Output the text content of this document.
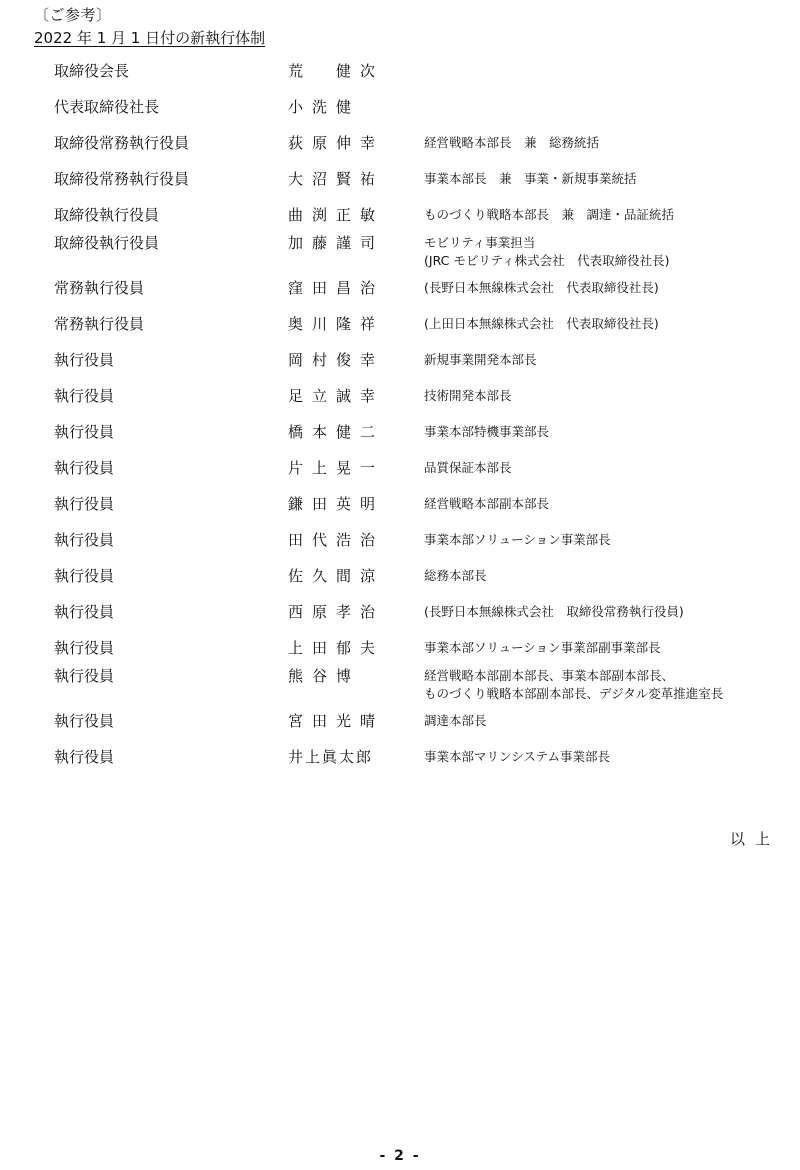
〔ご参考〕
2022 年 1 月 1 日付の新執行体制
取締役会長	荒　健次
代表取締役社長	小洗健
取締役常務執行役員	荻原伸幸	経営戦略本部長　兼　総務統括
取締役常務執行役員	大沼賢祐	事業本部長　兼　事業・新規事業統括
取締役執行役員	曲渕正敏	ものづくり戦略本部長　兼　調達・品証統括
取締役執行役員	加藤謹司	モビリティ事業担当
(JRC モビリティ株式会社　代表取締役社長)
常務執行役員	窪田昌治	(長野日本無線株式会社　代表取締役社長)
常務執行役員	奥川隆祥	(上田日本無線株式会社　代表取締役社長)
執行役員	岡村俊幸	新規事業開発本部長
執行役員	足立誠幸	技術開発本部長
執行役員	橋本健二	事業本部特機事業部長
執行役員	片上晃一	品質保証本部長
執行役員	鎌田英明	経営戦略本部副本部長
執行役員	田代浩治	事業本部ソリューション事業部長
執行役員	佐久間涼	総務本部長
執行役員	西原孝治	(長野日本無線株式会社　取締役常務執行役員)
執行役員	上田郁夫	事業本部ソリューション事業部副事業部長
執行役員	熊谷博	経営戦略本部副本部長、事業本部副本部長、
ものづくり戦略本部副本部長、デジタル変革推進室長
執行役員	宮田光晴	調達本部長
執行役員	井上眞太郎	事業本部マリンシステム事業部長
以上
- 2 -
